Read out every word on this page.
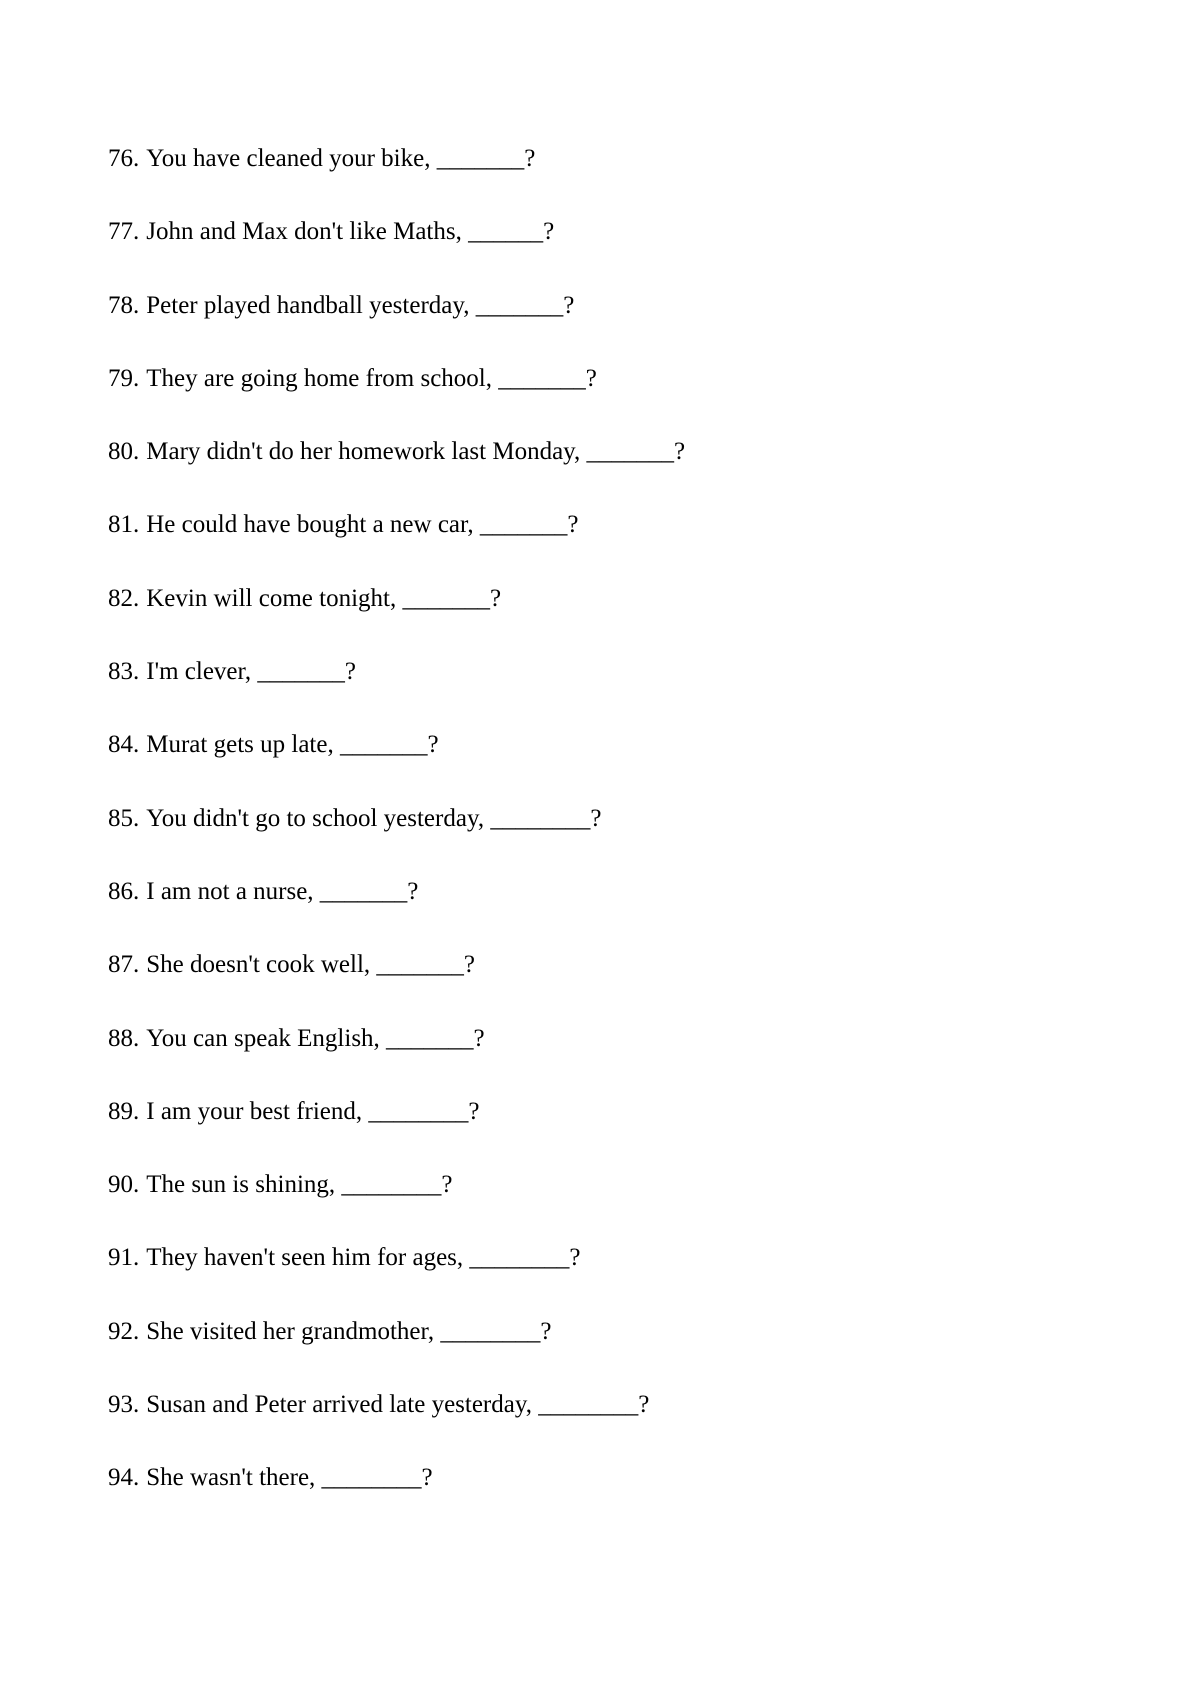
76. You have cleaned your bike, _______?
77. John and Max don't like Maths, ______?
78. Peter played handball yesterday, _______?
79. They are going home from school, _______?
80. Mary didn't do her homework last Monday, _______?
81. He could have bought a new car, _______?
82. Kevin will come tonight, _______?
83. I'm clever, _______?
84. Murat gets up late, _______?
85. You didn't go to school yesterday, ________?
86. I am not a nurse, _______?
87. She doesn't cook well, _______?
88. You can speak English, _______?
89. I am your best friend, ________?
90. The sun is shining, ________?
91. They haven't seen him for ages, ________?
92. She visited her grandmother, ________?
93. Susan and Peter arrived late yesterday, ________?
94. She wasn't there, ________?
